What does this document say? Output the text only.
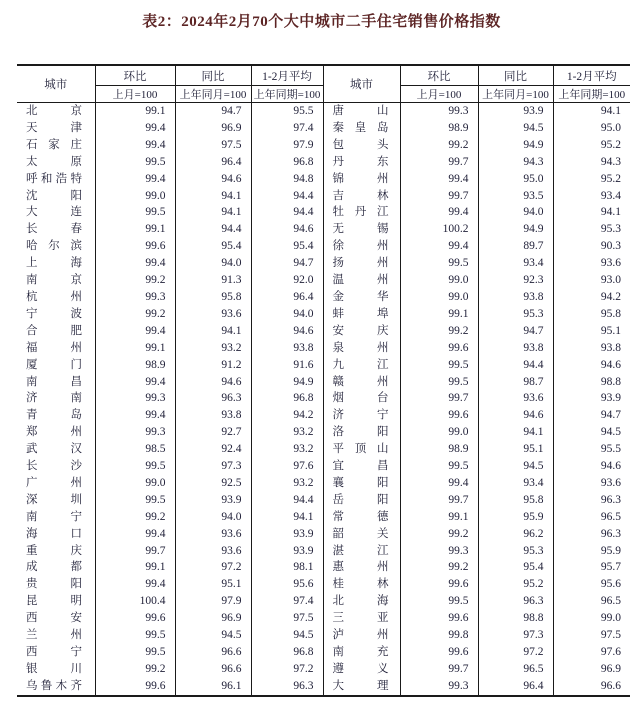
表2：2024年2月70个大中城市二手住宅销售价格指数
城市	环比	同比	1-2月平均	城市	环比	同比	1-2月平均
	上月=100	上年同月=100	上年同期=100		上月=100	上年同月=100	上年同期=100
北京	99.1	94.7	95.5	唐山	99.3	93.9	94.1
天津	99.4	96.9	97.4	秦皇岛	98.9	94.5	95.0
石家庄	99.4	97.5	97.9	包头	99.2	94.9	95.2
太原	99.5	96.4	96.8	丹东	99.7	94.3	94.3
呼和浩特	99.4	94.6	94.8	锦州	99.4	95.0	95.2
沈阳	99.0	94.1	94.4	吉林	99.7	93.5	93.4
大连	99.5	94.1	94.4	牡丹江	99.4	94.0	94.1
长春	99.1	94.4	94.6	无锡	100.2	94.9	95.3
哈尔滨	99.6	95.4	95.4	徐州	99.4	89.7	90.3
上海	99.4	94.0	94.7	扬州	99.5	93.4	93.6
南京	99.2	91.3	92.0	温州	99.0	92.3	93.0
杭州	99.3	95.8	96.4	金华	99.0	93.8	94.2
宁波	99.2	93.6	94.0	蚌埠	99.1	95.3	95.8
合肥	99.4	94.1	94.6	安庆	99.2	94.7	95.1
福州	99.1	93.2	93.8	泉州	99.6	93.8	93.8
厦门	98.9	91.2	91.6	九江	99.5	94.4	94.6
南昌	99.4	94.6	94.9	赣州	99.5	98.7	98.8
济南	99.3	96.3	96.8	烟台	99.7	93.6	93.9
青岛	99.4	93.8	94.2	济宁	99.6	94.6	94.7
郑州	99.3	92.7	93.2	洛阳	99.0	94.1	94.5
武汉	98.5	92.4	93.2	平顶山	98.9	95.1	95.5
长沙	99.5	97.3	97.6	宜昌	99.5	94.5	94.6
广州	99.0	92.5	93.2	襄阳	99.4	93.4	93.6
深圳	99.5	93.9	94.4	岳阳	99.7	95.8	96.3
南宁	99.2	94.0	94.1	常德	99.1	95.9	96.5
海口	99.4	93.6	93.9	韶关	99.2	96.2	96.3
重庆	99.7	93.6	93.9	湛江	99.3	95.3	95.9
成都	99.1	97.2	98.1	惠州	99.2	95.4	95.7
贵阳	99.4	95.1	95.6	桂林	99.6	95.2	95.6
昆明	100.4	97.9	97.4	北海	99.5	96.3	96.5
西安	99.6	96.9	97.5	三亚	99.6	98.8	99.0
兰州	99.5	94.5	94.5	泸州	99.8	97.3	97.5
西宁	99.5	96.6	96.8	南充	99.6	97.2	97.6
银川	99.2	96.6	97.2	遵义	99.7	96.5	96.9
乌鲁木齐	99.6	96.1	96.3	大理	99.3	96.4	96.6
